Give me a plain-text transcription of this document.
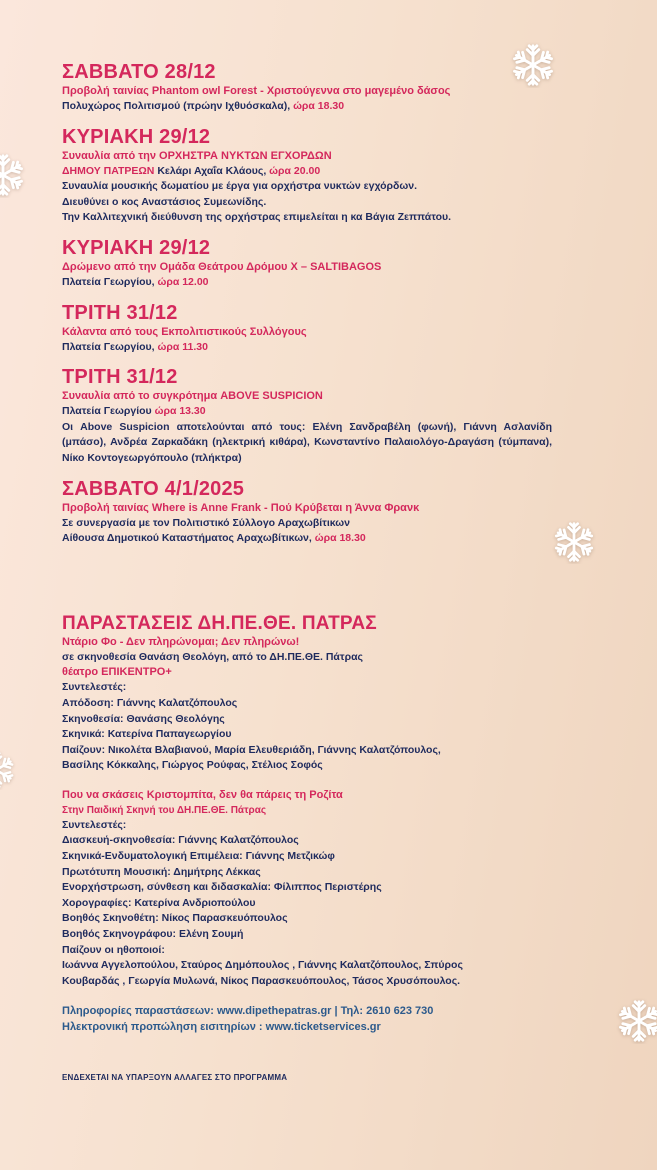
ΣΑΒΒΑΤΟ 28/12
Προβολή ταινίας Phantom owl Forest - Χριστούγεννα στο μαγεμένο δάσος
Πολυχώρος Πολιτισμού (πρώην Ιχθυόσκαλα), ώρα 18.30
ΚΥΡΙΑΚΗ 29/12
Συναυλία από την ΟΡΧΗΣΤΡΑ ΝΥΚΤΩΝ ΕΓΧΟΡΔΩΝ
ΔΗΜΟΥ ΠΑΤΡΕΩΝ Κελάρι Αχαΐα Κλάους, ώρα 20.00
Συναυλία μουσικής δωματίου με έργα για ορχήστρα νυκτών εγχόρδων.
Διευθύνει ο κος Αναστάσιος Συμεωνίδης.
Την Καλλιτεχνική διεύθυνση της ορχήστρας επιμελείται η κα Βάγια Ζεππάτου.
ΚΥΡΙΑΚΗ 29/12
Δρώμενο από την Ομάδα Θεάτρου Δρόμου Χ – SALTIBAGOS
Πλατεία Γεωργίου, ώρα 12.00
ΤΡΙΤΗ 31/12
Κάλαντα από τους Εκπολιτιστικούς Συλλόγους
Πλατεία Γεωργίου, ώρα 11.30
ΤΡΙΤΗ 31/12
Συναυλία από το συγκρότημα ABOVE SUSPICION
Πλατεία Γεωργίου ώρα 13.30
Οι Above Suspicion αποτελούνται από τους: Ελένη Σανδραβέλη (φωνή), Γιάννη Ασλανίδη (μπάσο), Ανδρέα Ζαρκαδάκη (ηλεκτρική κιθάρα), Κωνσταντίνο Παλαιολόγο-Δραγάση (τύμπανα), Νίκο Κοντογεωργόπουλο (πλήκτρα)
ΣΑΒΒΑΤΟ 4/1/2025
Προβολή ταινίας Where is Anne Frank - Πού Κρύβεται η Άννα Φρανκ
Σε συνεργασία με τον Πολιτιστικό Σύλλογο Αραχωβίτικων
Αίθουσα Δημοτικού Καταστήματος Αραχωβίτικων, ώρα 18.30
ΠΑΡΑΣΤΑΣΕΙΣ ΔΗ.ΠΕ.ΘΕ. ΠΑΤΡΑΣ
Ντάριο Φο - Δεν πληρώνομαι; Δεν πληρώνω!
σε σκηνοθεσία Θανάση Θεολόγη, από το ΔΗ.ΠΕ.ΘΕ. Πάτρας
θέατρο ΕΠΙΚΕΝΤΡΟ+
Συντελεστές:
Απόδοση: Γιάννης Καλατζόπουλος
Σκηνοθεσία: Θανάσης Θεολόγης
Σκηνικά: Κατερίνα Παπαγεωργίου
Παίζουν: Νικολέτα Βλαβιανού, Μαρία Ελευθεριάδη, Γιάννης Καλατζόπουλος,
Βασίλης Κόκκαλης, Γιώργος Ρούφας, Στέλιος Σοφός
Που να σκάσεις Κριστομπίτα, δεν θα πάρεις τη Ροζίτα
Στην Παιδική Σκηνή του ΔΗ.ΠΕ.ΘΕ. Πάτρας
Συντελεστές:
Διασκευή-σκηνοθεσία: Γιάννης Καλατζόπουλος
Σκηνικά-Ενδυματολογική Επιμέλεια: Γιάννης Μετζικώφ
Πρωτότυπη Μουσική: Δημήτρης Λέκκας
Ενορχήστρωση, σύνθεση και διδασκαλία: Φίλιππος Περιστέρης
Χορογραφίες: Κατερίνα Ανδριοπούλου
Βοηθός Σκηνοθέτη: Νίκος Παρασκευόπουλος
Βοηθός Σκηνογράφου: Ελένη Σουμή
Παίζουν οι ηθοποιοί:
Ιωάννα Αγγελοπούλου, Σταύρος Δημόπουλος , Γιάννης Καλατζόπουλος, Σπύρος
Κουβαρδάς , Γεωργία Μυλωνά, Νίκος Παρασκευόπουλος, Τάσος Χρυσόπουλος.
Πληροφορίες παραστάσεων: www.dipethepatras.gr | Τηλ: 2610 623 730
Ηλεκτρονική προπώληση εισιτηρίων : www.ticketservices.gr
ΕΝΔΕΧΕΤΑΙ ΝΑ ΥΠΑΡΞΟΥΝ ΑΛΛΑΓΕΣ ΣΤΟ ΠΡΟΓΡΑΜΜΑ
